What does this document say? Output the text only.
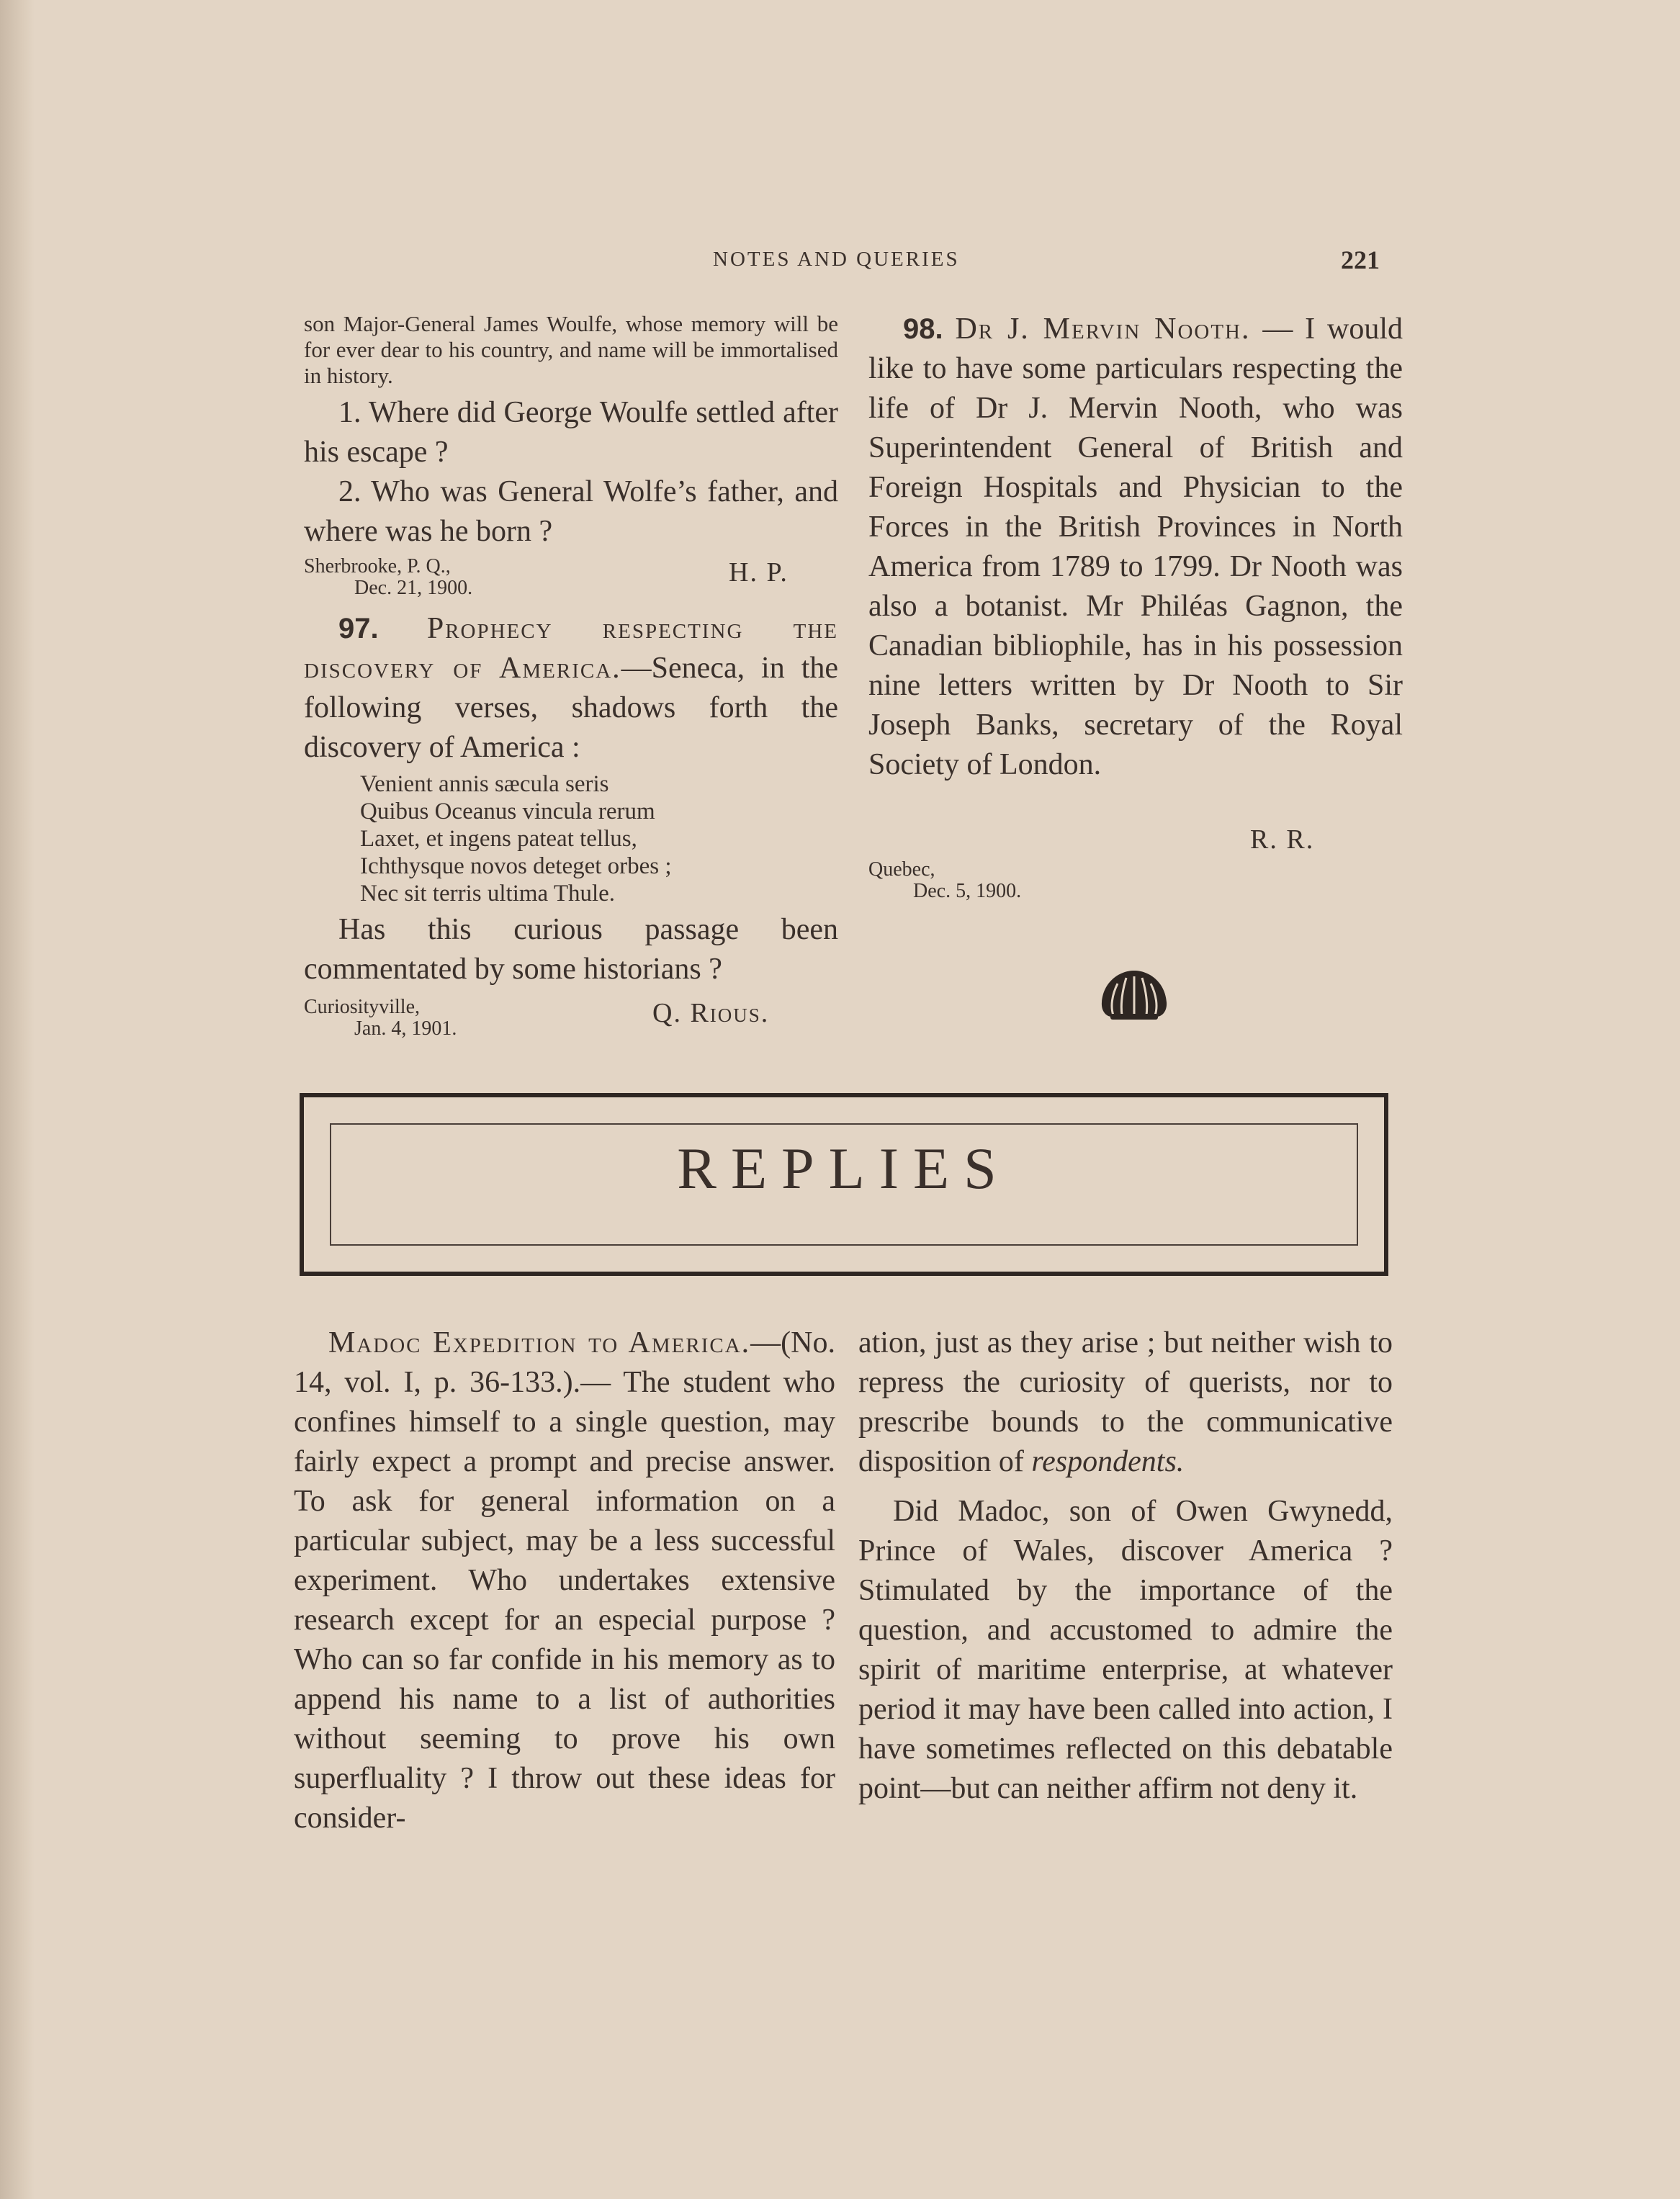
NOTES AND QUERIES	221

son Major-General James Woulfe, whose memory will be for ever dear to his country, and name will be immortalised in history.

1. Where did George Woulfe settled after his escape ?

2. Who was General Wolfe’s father, and where was he born ?

Sherbrooke, P. Q.,
Dec. 21, 1900.
H. P.

97. Prophecy respecting the discovery of America.—Seneca, in the following verses, shadows forth the discovery of America :

Venient annis sæcula seris
Quibus Oceanus vincula rerum
Laxet, et ingens pateat tellus,
Ichthysque novos deteget orbes ;
Nec sit terris ultima Thule.

Has this curious passage been commentated by some historians ?

Curiosityville,
Jan. 4, 1901.
Q. Rious.

98. Dr J. Mervin Nooth. — I would like to have some particulars respecting the life of Dr J. Mervin Nooth, who was Superintendent General of British and Foreign Hospitals and Physician to the Forces in the British Provinces in North America from 1789 to 1799. Dr Nooth was also a botanist. Mr Philéas Gagnon, the Canadian bibliophile, has in his possession nine letters written by Dr Nooth to Sir Joseph Banks, secretary of the Royal Society of London.

R. R.
Quebec,
Dec. 5, 1900.
REPLIES

Madoc Expedition to America.—(No. 14, vol. I, p. 36-133.).— The student who confines himself to a single question, may fairly expect a prompt and precise answer. To ask for general information on a particular subject, may be a less successful experiment. Who undertakes extensive research except for an especial purpose ? Who can so far confide in his memory as to append his name to a list of authorities without seeming to prove his own superfluality ? I throw out these ideas for consider-

ation, just as they arise ; but neither wish to repress the curiosity of querists, nor to prescribe bounds to the communicative disposition of respondents.

Did Madoc, son of Owen Gwynedd, Prince of Wales, discover America ? Stimulated by the importance of the question, and accustomed to admire the spirit of maritime enterprise, at whatever period it may have been called into action, I have sometimes reflected on this debatable point—but can neither affirm not deny it.
